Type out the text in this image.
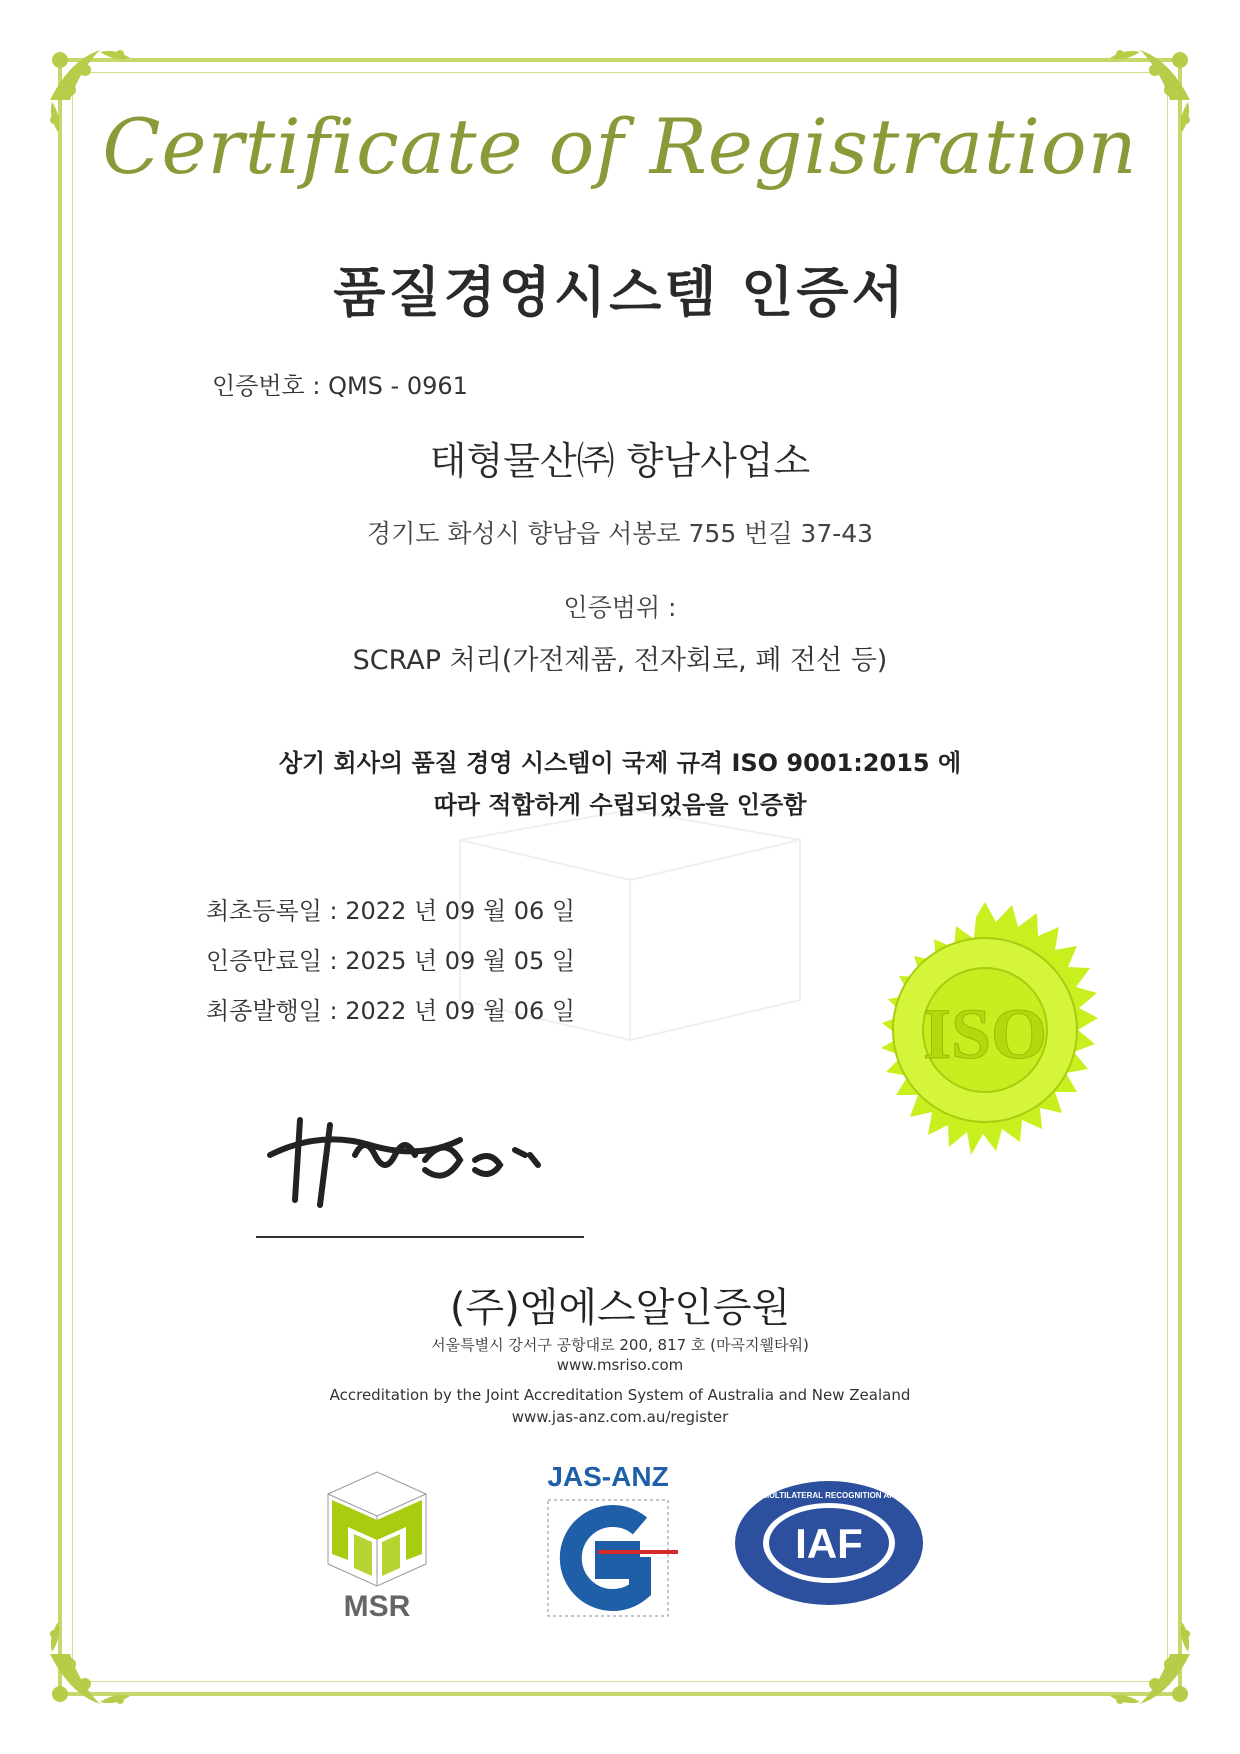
Certificate of Registration
품질경영시스템 인증서
인증번호 : QMS - 0961
태형물산㈜ 향남사업소
경기도 화성시 향남읍 서봉로 755 번길 37-43
인증범위 :
SCRAP 처리(가전제품, 전자회로, 폐 전선 등)
상기 회사의 품질 경영 시스템이 국제 규격 ISO 9001:2015 에
따라 적합하게 수립되었음을 인증함
최초등록일 : 2022 년 09 월 06 일
인증만료일 : 2025 년 09 월 05 일
최종발행일 : 2022 년 09 월 06 일	ISO
(주)엠에스알인증원
서울특별시 강서구 공항대로 200, 817 호 (마곡지웰타워)
www.msriso.com
Accreditation by the Joint Accreditation System of Australia and New Zealand
www.jas-anz.com.au/register
MSR
JAS-ANZ
IAF
MEMBER OF MULTILATERAL RECOGNITION ARRANGEMENT
